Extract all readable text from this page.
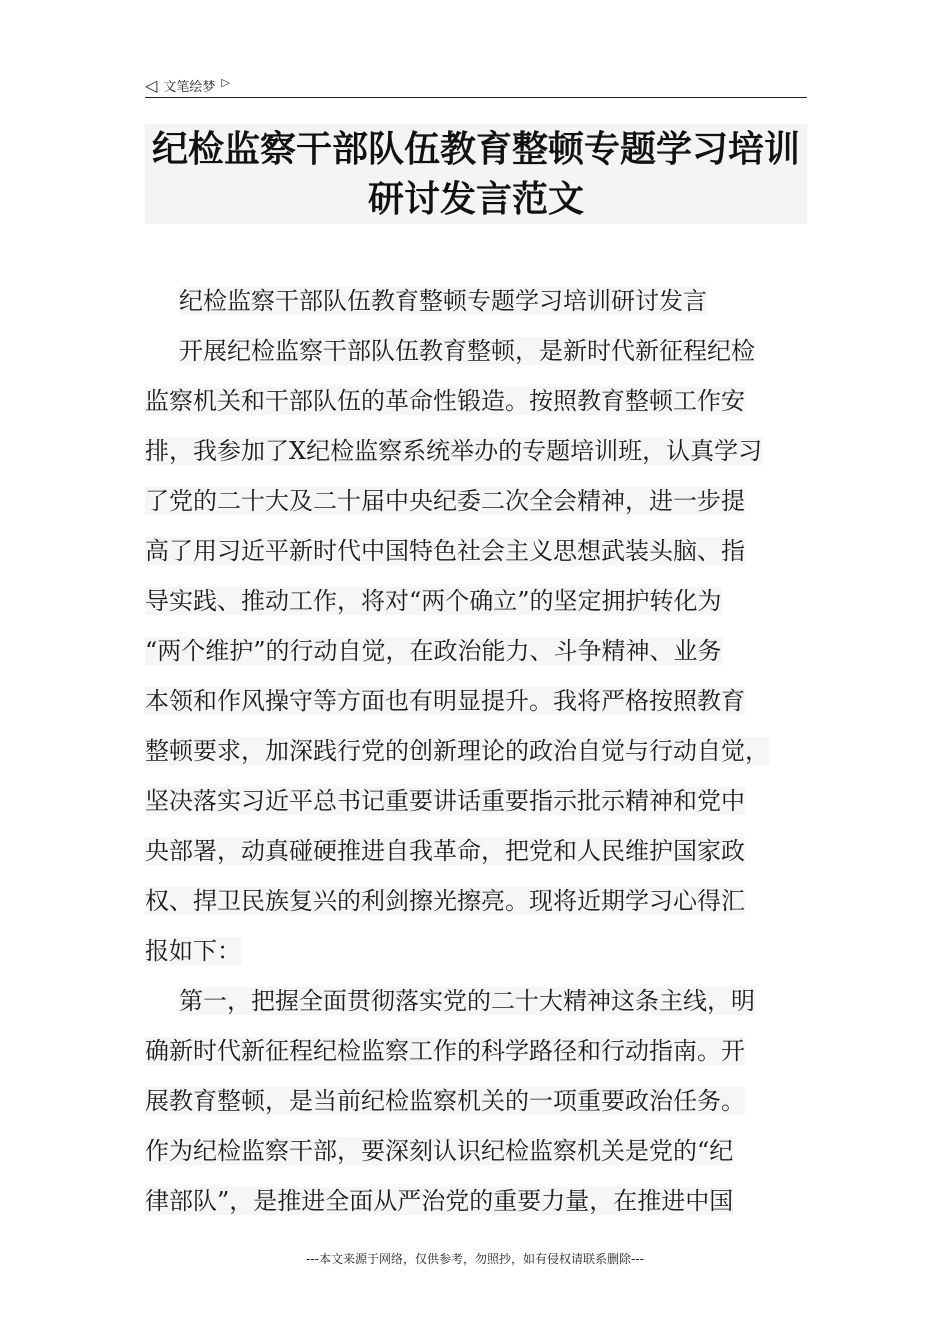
◁ 文笔绘梦 ▷
纪检监察干部队伍教育整顿专题学习培训
研讨发言范文
纪检监察干部队伍教育整顿专题学习培训研讨发言
开展纪检监察干部队伍教育整顿，是新时代新征程纪检
监察机关和干部队伍的革命性锻造。按照教育整顿工作安
排，我参加了X纪检监察系统举办的专题培训班，认真学习
了党的二十大及二十届中央纪委二次全会精神，进一步提
高了用习近平新时代中国特色社会主义思想武装头脑、指
导实践、推动工作，将对“两个确立”的坚定拥护转化为
“两个维护”的行动自觉，在政治能力、斗争精神、业务
本领和作风操守等方面也有明显提升。我将严格按照教育
整顿要求，加深践行党的创新理论的政治自觉与行动自觉，
坚决落实习近平总书记重要讲话重要指示批示精神和党中
央部署，动真碰硬推进自我革命，把党和人民维护国家政
权、捍卫民族复兴的利剑擦光擦亮。现将近期学习心得汇
报如下：
第一，把握全面贯彻落实党的二十大精神这条主线，明
确新时代新征程纪检监察工作的科学路径和行动指南。开
展教育整顿，是当前纪检监察机关的一项重要政治任务。
作为纪检监察干部，要深刻认识纪检监察机关是党的“纪
律部队”，是推进全面从严治党的重要力量，在推进中国
---本文来源于网络，仅供参考，勿照抄，如有侵权请联系删除---
